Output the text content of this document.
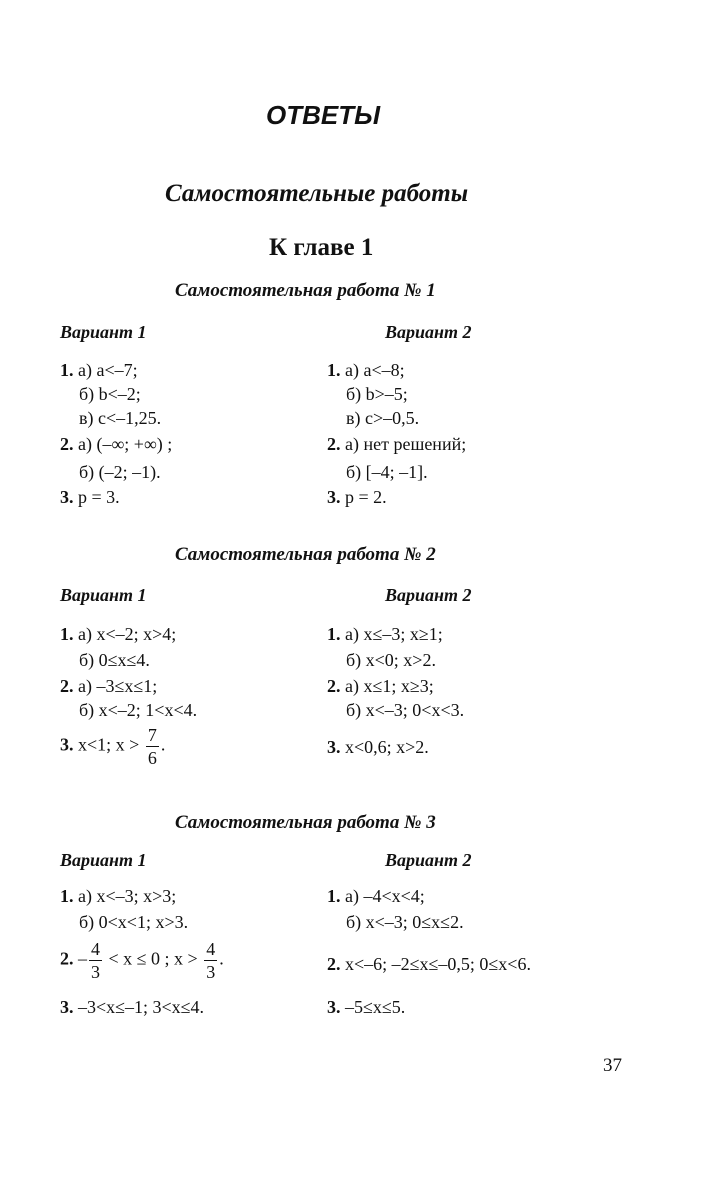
ОТВЕТЫ
Самостоятельные работы
К главе 1
Самостоятельная работа № 1
Вариант 1	Вариант 2
1. а) a<–7;
б) b<–2;
в) c<–1,25.
2. а) (–∞; +∞) ;
б) (–2; –1).
3. p = 3.
1. а) a<–8;
б) b>–5;
в) c>–0,5.
2. а) нет решений;
б) [–4; –1].
3. p = 2.
Самостоятельная работа № 2
Вариант 1	Вариант 2
1. а) x<–2; x>4;
б) 0≤x≤4.
2. а) –3≤x≤1;
б) x<–2; 1<x<4.
3. x<1; $x > \frac{7}{6}$ .
1. а) x≤–3; x≥1;
б) x<0; x>2.
2. а) x≤1; x≥3;
б) x<–3; 0<x<3.
3. x<0,6; x>2.
Самостоятельная работа № 3
Вариант 1	Вариант 2
1. а) x<–3; x>3;
б) 0<x<1; x>3.
2. – $\frac{4}{3} < x \le 0$ ; $x > \frac{4}{3}$ .
3. –3<x≤–1; 3<x≤4.
1. а) –4<x<4;
б) x<–3; 0≤x≤2.
2. x<–6; –2≤x≤–0,5; 0≤x<6.
3. –5≤x≤5.
37
